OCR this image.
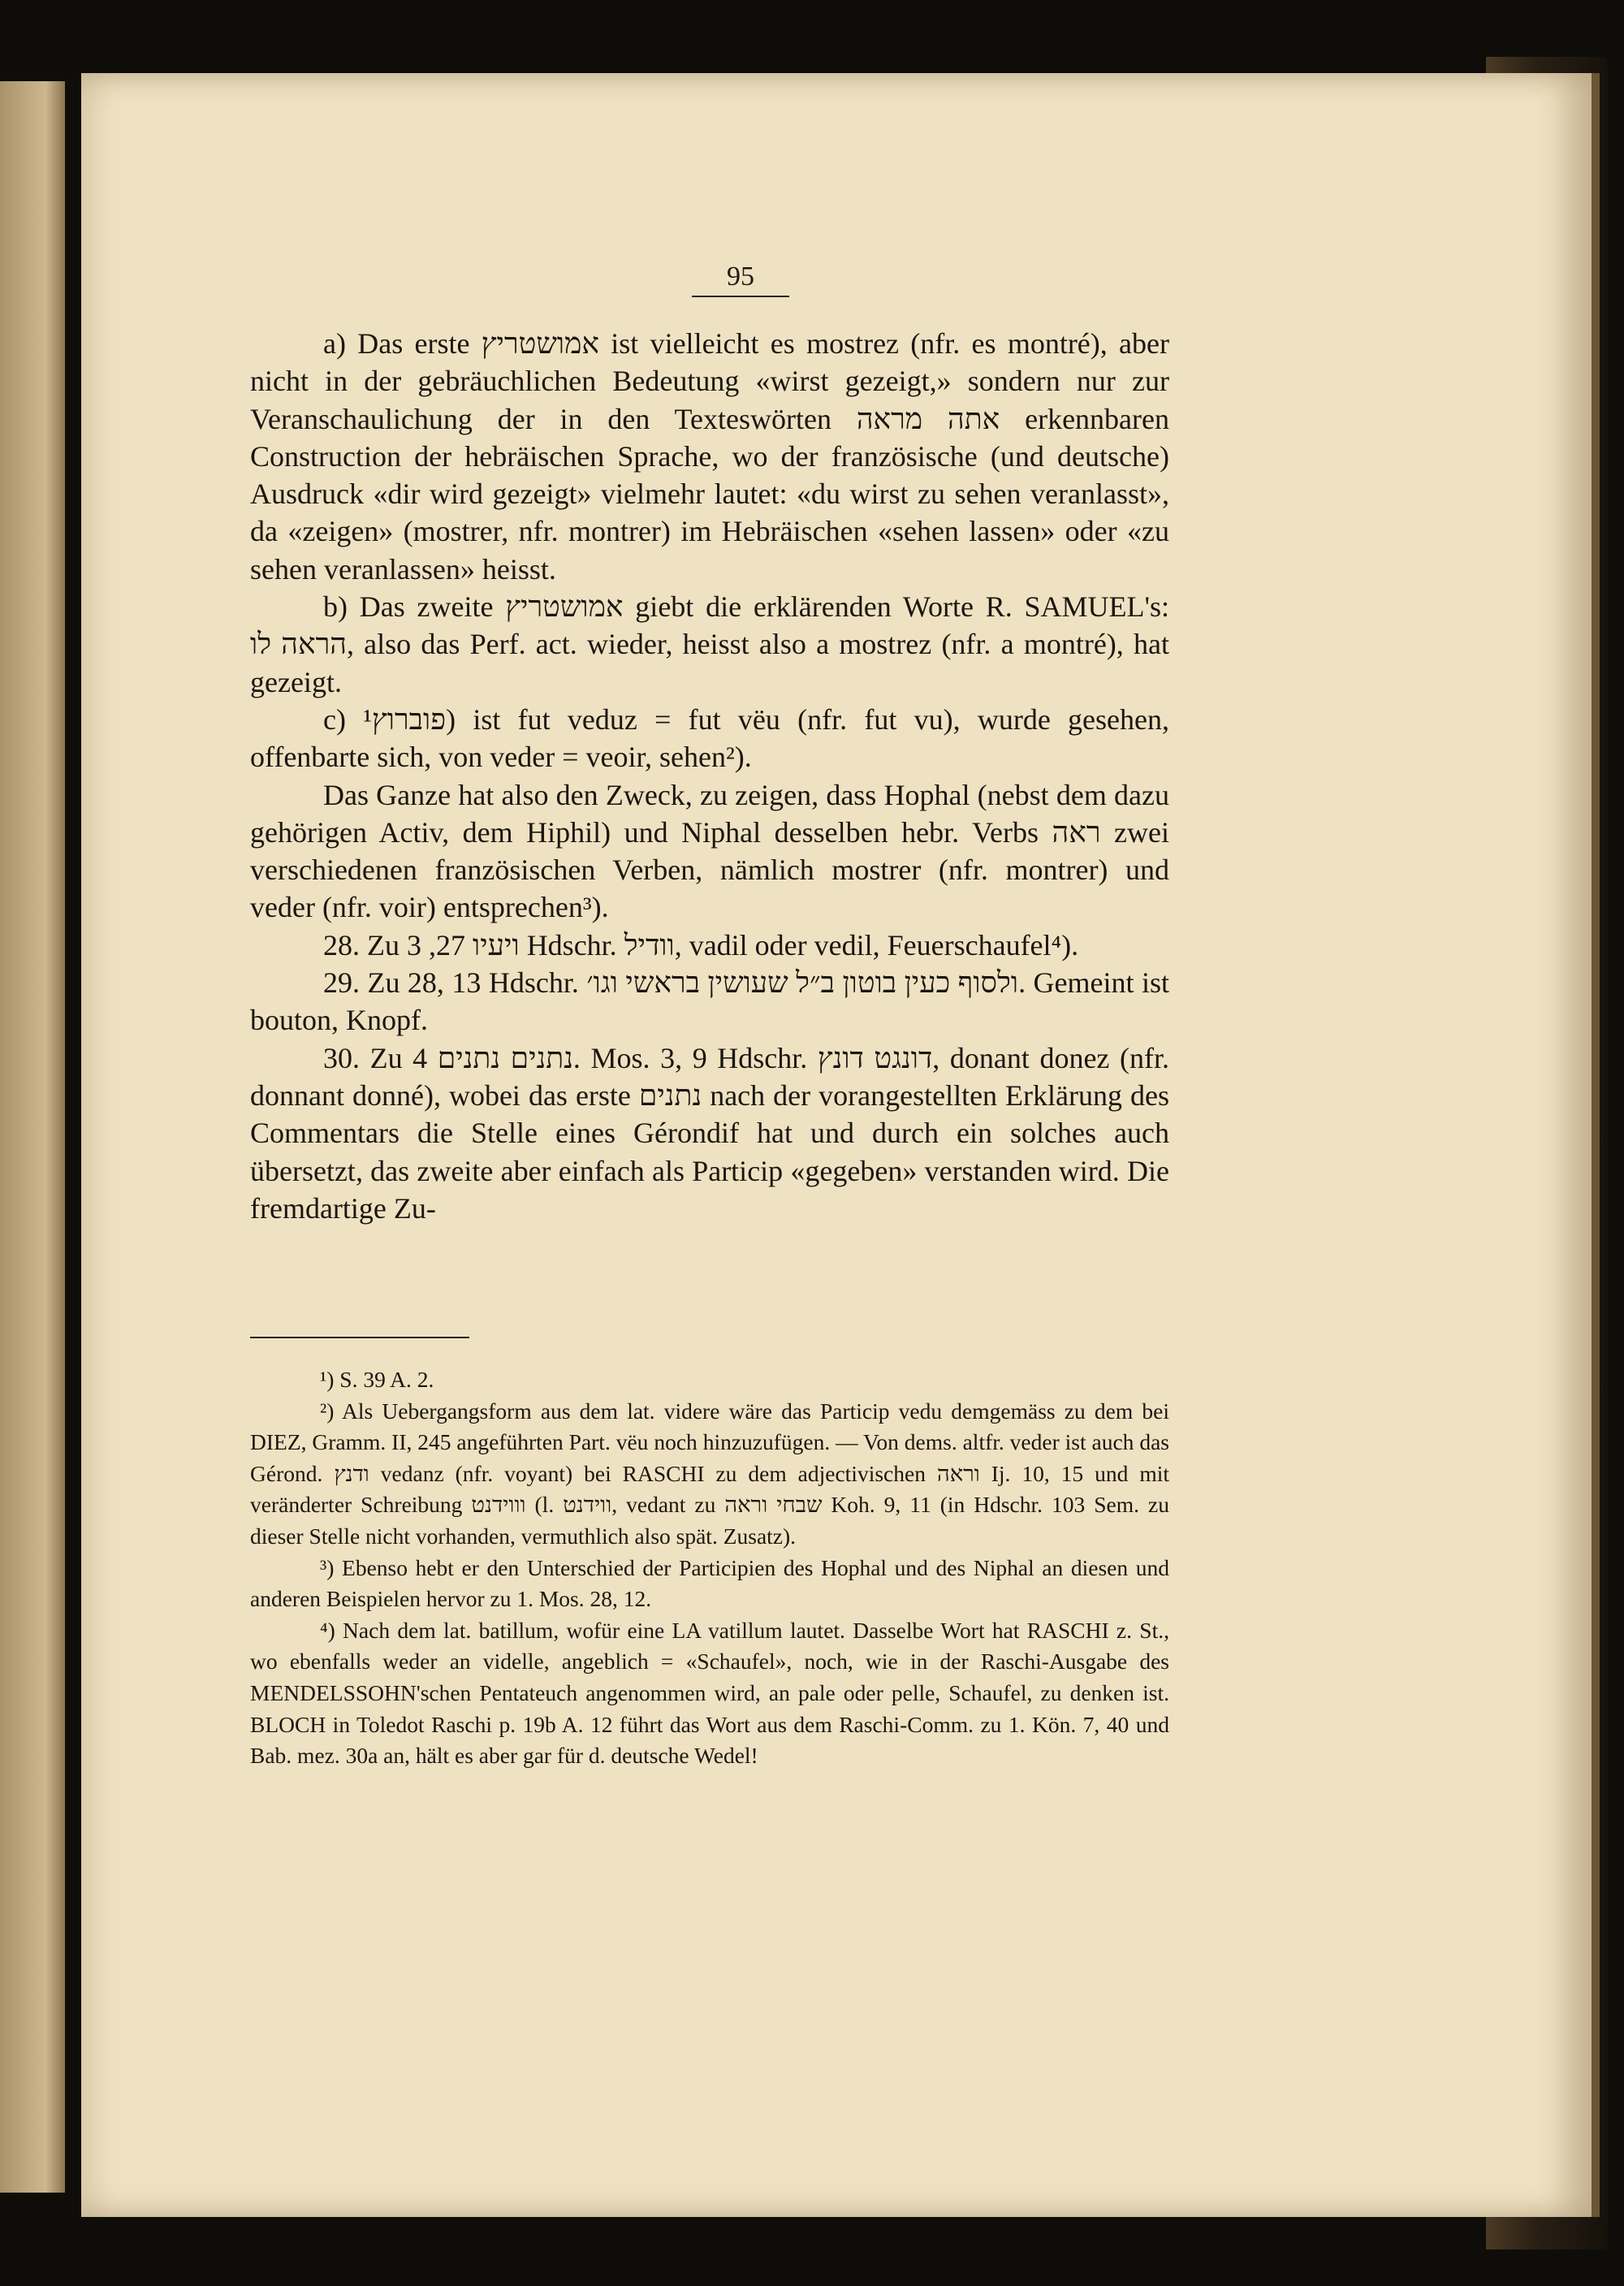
95

a) Das erste אמושטריץ ist vielleicht es mostrez (nfr. es montré), aber nicht in der gebräuchlichen Bedeutung «wirst gezeigt,» sondern nur zur Veranschaulichung der in den Texteswörten אתה מראה erkennbaren Construction der hebräischen Sprache, wo der französische (und deutsche) Ausdruck «dir wird gezeigt» vielmehr lautet: «du wirst zu sehen veranlasst», da «zeigen» (mostrer, nfr. montrer) im Hebräischen «sehen lassen» oder «zu sehen veranlassen» heisst.

b) Das zweite אמושטריץ giebt die erklärenden Worte R. SAMUEL's: הראה לו, also das Perf. act. wieder, heisst also a mostrez (nfr. a montré), hat gezeigt.

c) פוברוץ¹) ist fut veduz = fut vëu (nfr. fut vu), wurde gesehen, offenbarte sich, von veder = veoir, sehen²).

Das Ganze hat also den Zweck, zu zeigen, dass Hophal (nebst dem dazu gehörigen Activ, dem Hiphil) und Niphal desselben hebr. Verbs ראה zwei verschiedenen französischen Verben, nämlich mostrer (nfr. montrer) und veder (nfr. voir) entsprechen³).

28. Zu ויעיו 27, 3 Hdschr. וודיל, vadil oder vedil, Feuerschaufel⁴).

29. Zu 28, 13 Hdschr. ולסוף כעין בוטון ב״ל שעושין בראשי וגו׳. Gemeint ist bouton, Knopf.

30. Zu נתנים נתנים 4. Mos. 3, 9 Hdschr. דונגט דונץ, donant donez (nfr. donnant donné), wobei das erste נתנים nach der vorangestellten Erklärung des Commentars die Stelle eines Gérondif hat und durch ein solches auch übersetzt, das zweite aber einfach als Particip «gegeben» verstanden wird. Die fremdartige Zu-

¹) S. 39 A. 2.

²) Als Uebergangsform aus dem lat. videre wäre das Particip vedu demgemäss zu dem bei DIEZ, Gramm. II, 245 angeführten Part. vëu noch hinzuzufügen. — Von dems. altfr. veder ist auch das Gérond. ודנץ vedanz (nfr. voyant) bei RASCHI zu dem adjectivischen וראה Ij. 10, 15 und mit veränderter Schreibung וווידנט (l. ווידנט, vedant zu שבחי וראה Koh. 9, 11 (in Hdschr. 103 Sem. zu dieser Stelle nicht vorhanden, vermuthlich also spät. Zusatz).

³) Ebenso hebt er den Unterschied der Participien des Hophal und des Niphal an diesen und anderen Beispielen hervor zu 1. Mos. 28, 12.

⁴) Nach dem lat. batillum, wofür eine LA vatillum lautet. Dasselbe Wort hat RASCHI z. St., wo ebenfalls weder an videlle, angeblich = «Schaufel», noch, wie in der Raschi-Ausgabe des MENDELSSOHN'schen Pentateuch angenommen wird, an pale oder pelle, Schaufel, zu denken ist. BLOCH in Toledot Raschi p. 19b A. 12 führt das Wort aus dem Raschi-Comm. zu 1. Kön. 7, 40 und Bab. mez. 30a an, hält es aber gar für d. deutsche Wedel!
